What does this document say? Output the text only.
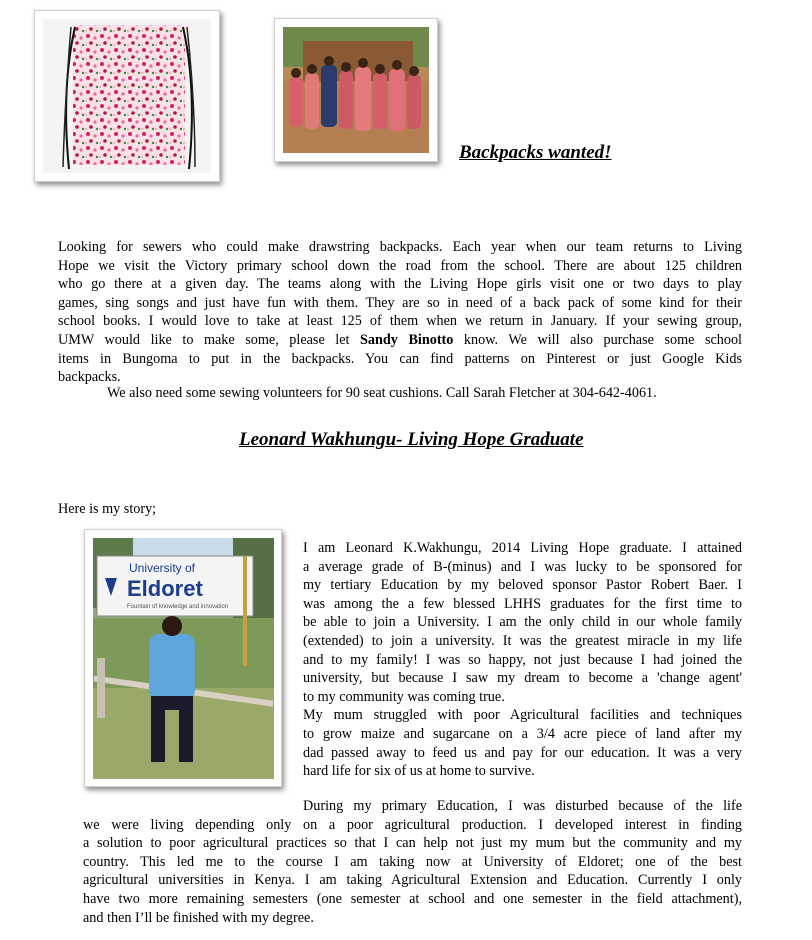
Backpacks wanted!
Looking for sewers who could make drawstring backpacks. Each year when our team returns to Living
Hope we visit the Victory primary school down the road from the school. There are about 125 children
who go there at a given day. The teams along with the Living Hope girls visit one or two days to play
games, sing songs and just have fun with them. They are so in need of a back pack of some kind for their
school books. I would love to take at least 125 of them when we return in January. If your sewing group,
UMW would like to make some, please let Sandy Binotto know. We will also purchase some school
items in Bungoma to put in the backpacks. You can find patterns on Pinterest or just Google Kids
backpacks.
We also need some sewing volunteers for 90 seat cushions. Call Sarah Fletcher at 304-642-4061.
Leonard Wakhungu- Living Hope Graduate
Here is my story;
University of
Eldoret
Fountain of knowledge and innovation
I am Leonard K.Wakhungu, 2014 Living Hope graduate. I attained
a average grade of B-(minus) and I was lucky to be sponsored for
my tertiary Education by my beloved sponsor Pastor Robert Baer. I
was among the a few blessed LHHS graduates for the first time to
be able to join a University. I am the only child in our whole family
(extended) to join a university. It was the greatest miracle in my life
and to my family! I was so happy, not just because I had joined the
university, but because I saw my dream to become a 'change agent'
to my community was coming true.
My mum struggled with poor Agricultural facilities and techniques
to grow maize and sugarcane on a 3/4 acre piece of land after my
dad passed away to feed us and pay for our education. It was a very
hard life for six of us at home to survive.
During my primary Education, I was disturbed because of the life
we were living depending only on a poor agricultural production. I developed interest in finding
a solution to poor agricultural practices so that I can help not just my mum but the community and my
country. This led me to the course I am taking now at University of Eldoret; one of the best
agricultural universities in Kenya. I am taking Agricultural Extension and Education. Currently I only
have two more remaining semesters (one semester at school and one semester in the field attachment),
and then I’ll be finished with my degree.
